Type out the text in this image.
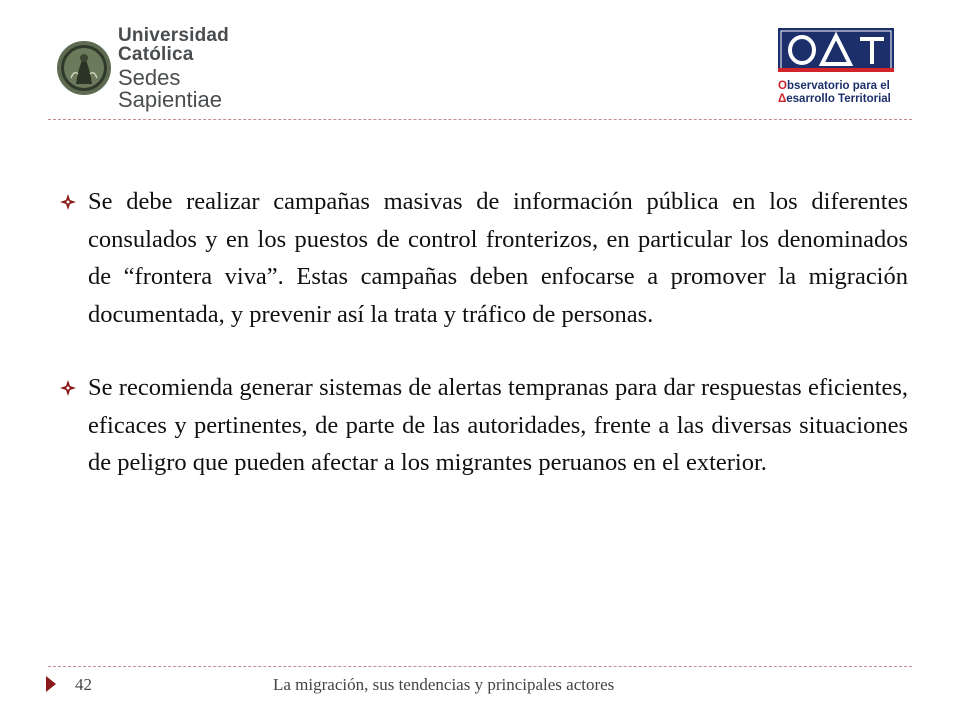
Universidad Católica
Sedes Sapientiae
Observatorio para el
Δesarrollo Territorial
Se debe realizar campañas masivas de información pública en los diferentes consulados y en los puestos de control fronterizos, en particular los denominados de “frontera viva”. Estas campañas deben enfocarse a promover la migración documentada, y prevenir así la trata y tráfico de personas.
Se recomienda generar sistemas de alertas tempranas para dar respuestas eficientes, eficaces y pertinentes, de parte de las autoridades, frente a las diversas situaciones de peligro que pueden afectar a los migrantes peruanos en el exterior.
42	La migración, sus tendencias y principales actores
